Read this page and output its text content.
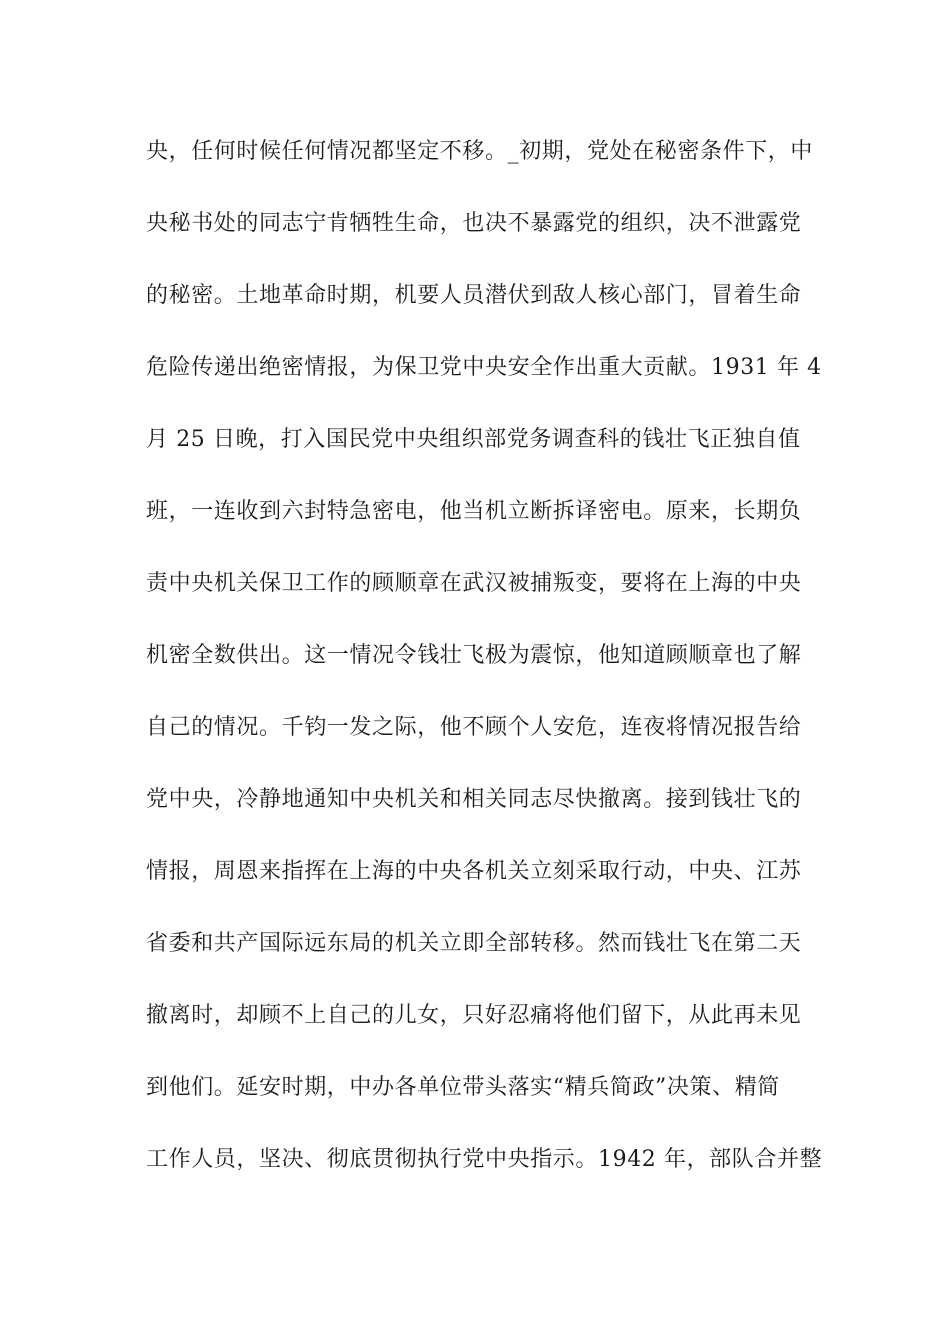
央，任何时候任何情况都坚定不移。_初期，党处在秘密条件下，中
央秘书处的同志宁肯牺牲生命，也决不暴露党的组织，决不泄露党
的秘密。土地革命时期，机要人员潜伏到敌人核心部门，冒着生命
危险传递出绝密情报，为保卫党中央安全作出重大贡献。1931 年 4
月 25 日晚，打入国民党中央组织部党务调查科的钱壮飞正独自值
班，一连收到六封特急密电，他当机立断拆译密电。原来，长期负
责中央机关保卫工作的顾顺章在武汉被捕叛变，要将在上海的中央
机密全数供出。这一情况令钱壮飞极为震惊，他知道顾顺章也了解
自己的情况。千钧一发之际，他不顾个人安危，连夜将情况报告给
党中央，冷静地通知中央机关和相关同志尽快撤离。接到钱壮飞的
情报，周恩来指挥在上海的中央各机关立刻采取行动，中央、江苏
省委和共产国际远东局的机关立即全部转移。然而钱壮飞在第二天
撤离时，却顾不上自己的儿女，只好忍痛将他们留下，从此再未见
到他们。延安时期，中办各单位带头落实“精兵简政”决策、精简
工作人员，坚决、彻底贯彻执行党中央指示。1942 年，部队合并整
